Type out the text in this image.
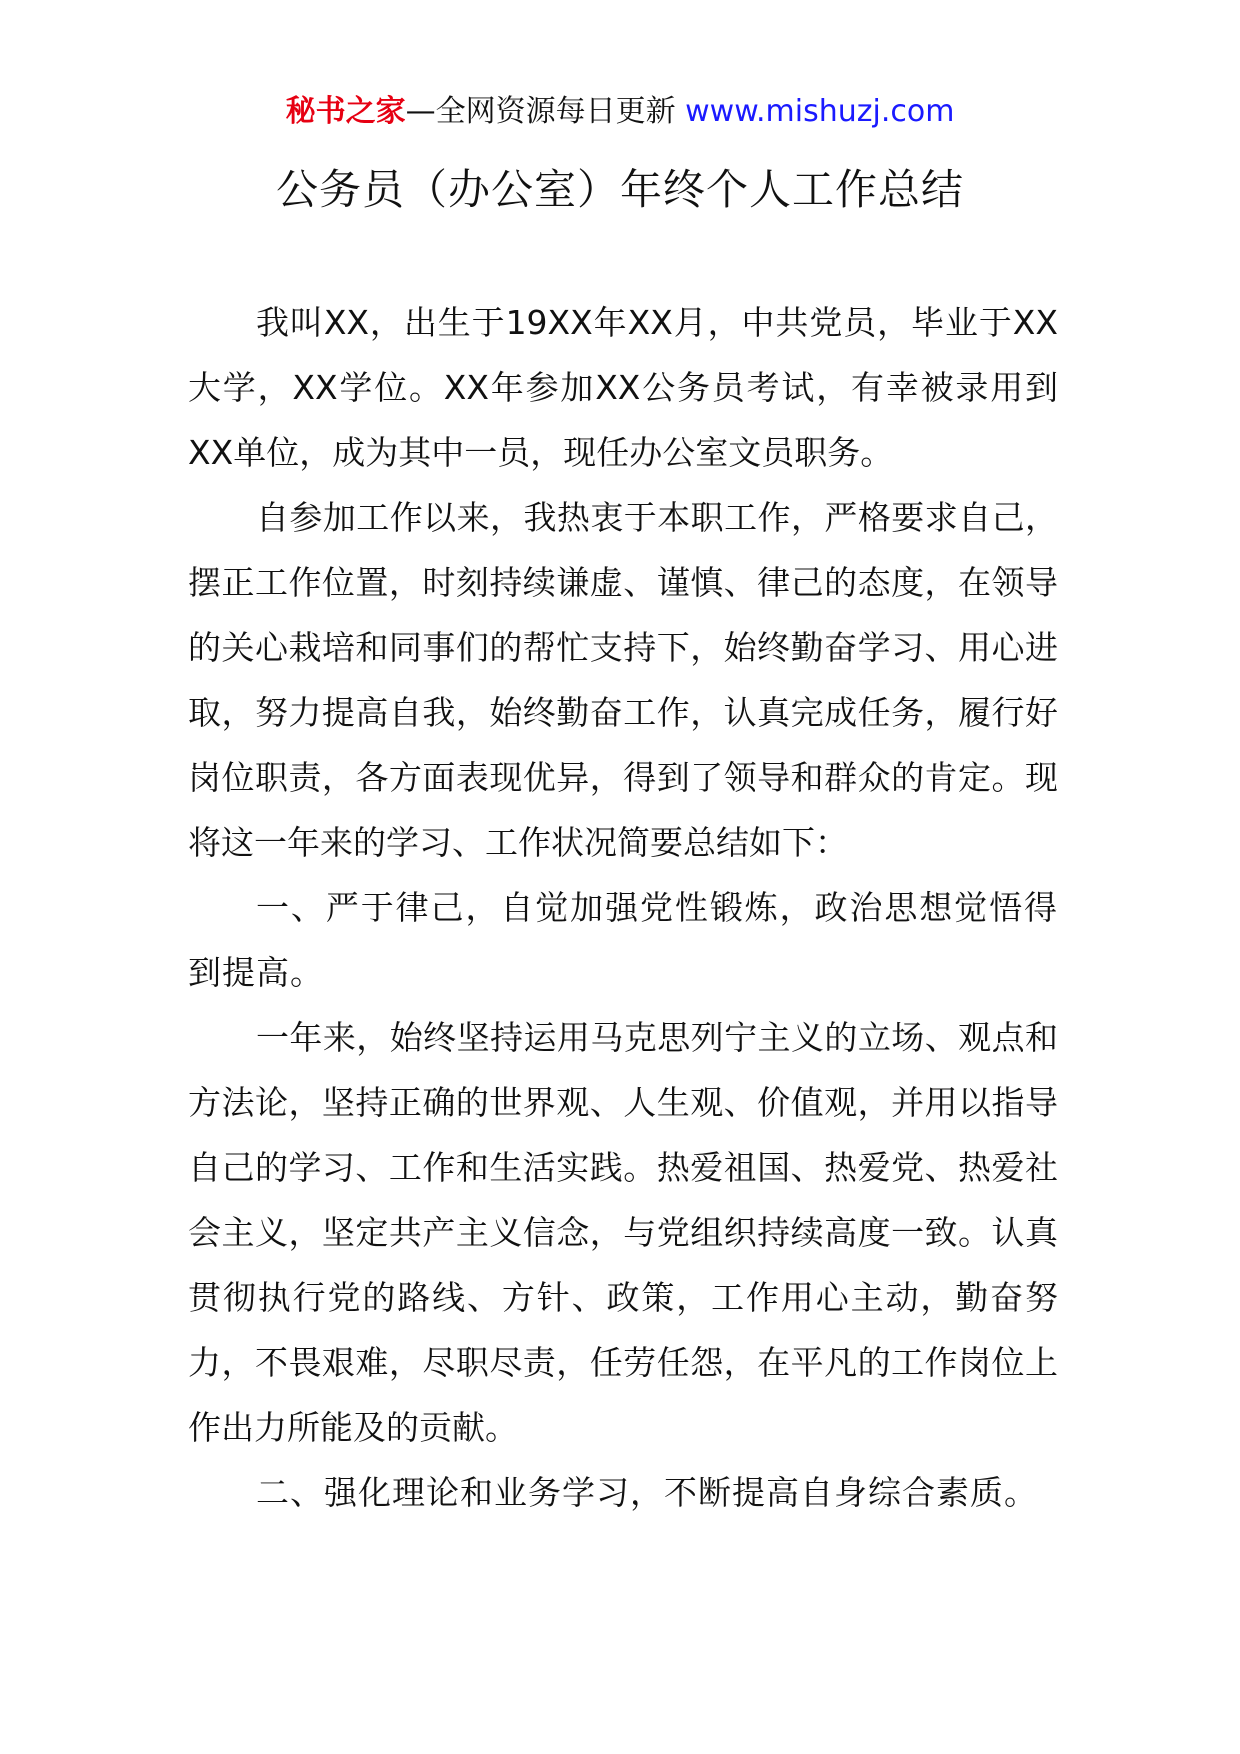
秘书之家—全网资源每日更新 www.mishuzj.com
公务员（办公室）年终个人工作总结

我叫XX，出生于19XX年XX月，中共党员，毕业于XX大学，XX学位。XX年参加XX公务员考试，有幸被录用到XX单位，成为其中一员，现任办公室文员职务。

自参加工作以来，我热衷于本职工作，严格要求自己，摆正工作位置，时刻持续谦虚、谨慎、律己的态度，在领导的关心栽培和同事们的帮忙支持下，始终勤奋学习、用心进取，努力提高自我，始终勤奋工作，认真完成任务，履行好岗位职责，各方面表现优异，得到了领导和群众的肯定。现将这一年来的学习、工作状况简要总结如下：

一、严于律己，自觉加强党性锻炼，政治思想觉悟得到提高。

一年来，始终坚持运用马克思列宁主义的立场、观点和方法论，坚持正确的世界观、人生观、价值观，并用以指导自己的学习、工作和生活实践。热爱祖国、热爱党、热爱社会主义，坚定共产主义信念，与党组织持续高度一致。认真贯彻执行党的路线、方针、政策，工作用心主动，勤奋努力，不畏艰难，尽职尽责，任劳任怨，在平凡的工作岗位上作出力所能及的贡献。

二、强化理论和业务学习，不断提高自身综合素质。
